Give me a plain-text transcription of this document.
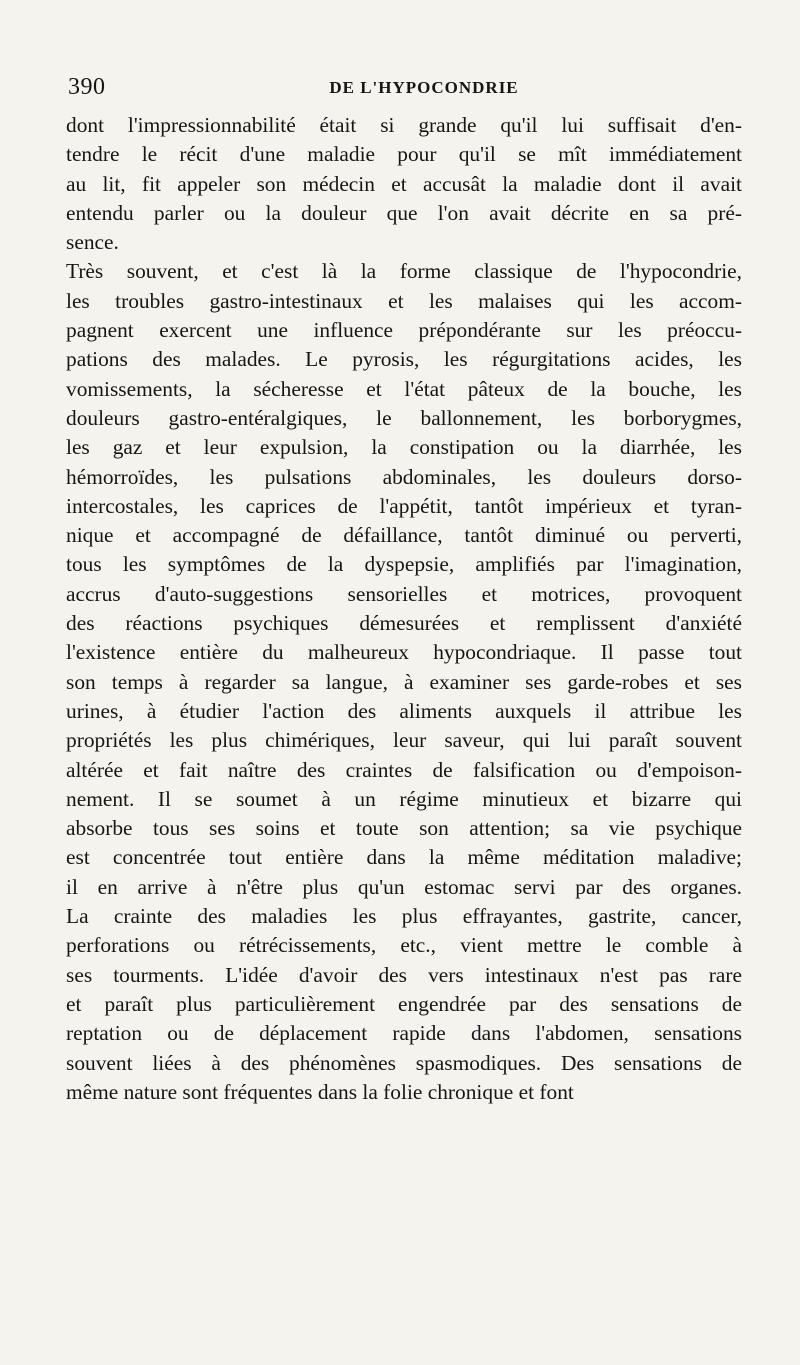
390	DE L'HYPOCONDRIE
dont l'impressionnabilité était si grande qu'il lui suffisait d'en-
tendre le récit d'une maladie pour qu'il se mît immédiatement
au lit, fit appeler son médecin et accusât la maladie dont il avait
entendu parler ou la douleur que l'on avait décrite en sa pré-
sence.
Très souvent, et c'est là la forme classique de l'hypocondrie,
les troubles gastro-intestinaux et les malaises qui les accom-
pagnent exercent une influence prépondérante sur les préoccu-
pations des malades. Le pyrosis, les régurgitations acides, les
vomissements, la sécheresse et l'état pâteux de la bouche, les
douleurs gastro-entéralgiques, le ballonnement, les borborygmes,
les gaz et leur expulsion, la constipation ou la diarrhée, les
hémorroïdes, les pulsations abdominales, les douleurs dorso-
intercostales, les caprices de l'appétit, tantôt impérieux et tyran-
nique et accompagné de défaillance, tantôt diminué ou perverti,
tous les symptômes de la dyspepsie, amplifiés par l'imagination,
accrus d'auto-suggestions sensorielles et motrices, provoquent
des réactions psychiques démesurées et remplissent d'anxiété
l'existence entière du malheureux hypocondriaque. Il passe tout
son temps à regarder sa langue, à examiner ses garde-robes et ses
urines, à étudier l'action des aliments auxquels il attribue les
propriétés les plus chimériques, leur saveur, qui lui paraît souvent
altérée et fait naître des craintes de falsification ou d'empoison-
nement. Il se soumet à un régime minutieux et bizarre qui
absorbe tous ses soins et toute son attention; sa vie psychique
est concentrée tout entière dans la même méditation maladive;
il en arrive à n'être plus qu'un estomac servi par des organes.
La crainte des maladies les plus effrayantes, gastrite, cancer,
perforations ou rétrécissements, etc., vient mettre le comble à
ses tourments. L'idée d'avoir des vers intestinaux n'est pas rare
et paraît plus particulièrement engendrée par des sensations de
reptation ou de déplacement rapide dans l'abdomen, sensations
souvent liées à des phénomènes spasmodiques. Des sensations de
même nature sont fréquentes dans la folie chronique et font
